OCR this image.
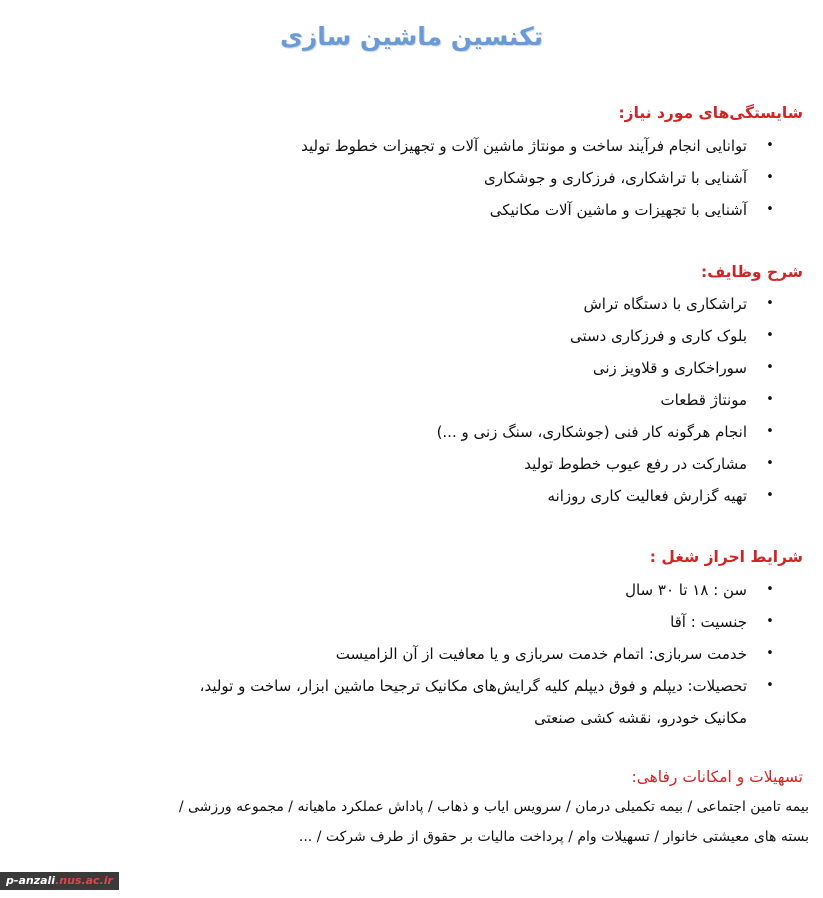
تکنسین ماشین سازی
شایستگی‌های مورد نیاز:
•
توانایی انجام فرآیند ساخت و مونتاژ ماشین آلات و تجهیزات خطوط تولید
•
آشنایی با تراشکاری، فرزکاری و جوشکاری
•
آشنایی با تجهیزات و ماشین آلات مکانیکی
شرح وظایف:
•
تراشکاری با دستگاه تراش
•
بلوک کاری و فرزکاری دستی
•
سوراخکاری و قلاویز زنی
•
مونتاژ قطعات
•
انجام هرگونه کار فنی (جوشکاری، سنگ زنی و ...)
•
مشارکت در رفع عیوب خطوط تولید
•
تهیه گزارش فعالیت کاری روزانه
شرایط احراز شغل :
•
سن : ۱۸ تا ۳۰ سال
•
جنسیت : آقا
•
خدمت سربازی: اتمام خدمت سربازی و یا معافیت از آن الزامیست
•
تحصیلات: دیپلم و فوق دیپلم کلیه گرایش‌های مکانیک ترجیحا ماشین ابزار، ساخت و تولید،
مکانیک خودرو، نقشه کشی صنعتی
تسهیلات و امکانات رفاهی:

بیمه تامین اجتماعی / بیمه تکمیلی درمان / سرویس ایاب و ذهاب / پاداش عملکرد ماهیانه / مجموعه ورزشی /

بسته های معیشتی خانوار / تسهیلات وام / پرداخت مالیات بر حقوق از طرف شرکت / ...

p-anzali.nus.ac.ir
